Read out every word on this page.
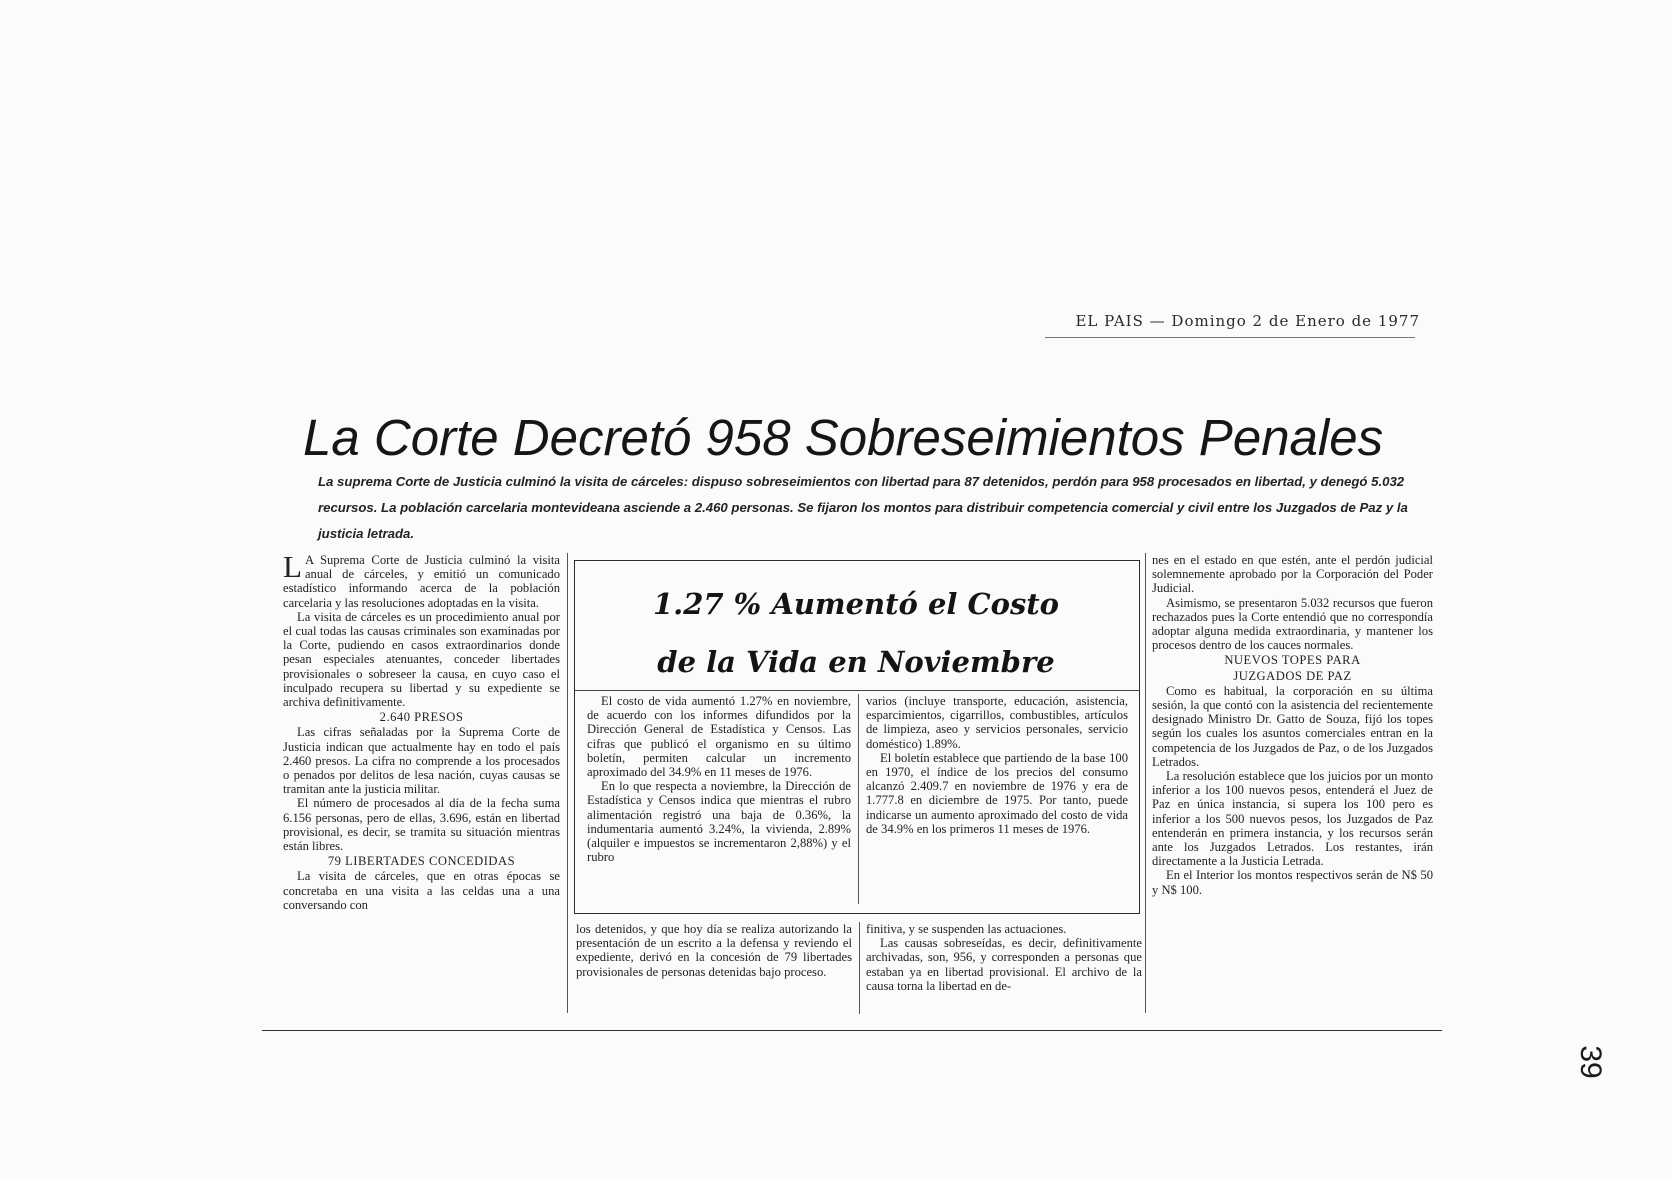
EL PAIS — Domingo 2 de Enero de 1977
La Corte Decretó 958 Sobreseimientos Penales
La suprema Corte de Justicia culminó la visita de cárceles: dispuso sobreseimientos con libertad para 87 detenidos, perdón para 958 procesados en libertad, y denegó 5.032 recursos. La población carcelaria montevideana asciende a 2.460 personas. Se fijaron los montos para distribuir competencia comercial y civil entre los Juzgados de Paz y la justicia letrada.

L A Suprema Corte de Justicia culminó la visita anual de cárceles, y emitió un comunicado estadístico informando acerca de la población carcelaria y las resoluciones adoptadas en la visita.

La visita de cárceles es un procedimiento anual por el cual todas las causas criminales son examinadas por la Corte, pudiendo en casos extraordinarios donde pesan especiales atenuantes, conceder libertades provisionales o sobreseer la causa, en cuyo caso el inculpado recupera su libertad y su expediente se archiva definitivamente.

2.640 PRESOS

Las cifras señaladas por la Suprema Corte de Justicia indican que actualmente hay en todo el país 2.460 presos. La cifra no comprende a los procesados o penados por delitos de lesa nación, cuyas causas se tramitan ante la justicia militar.

El número de procesados al día de la fecha suma 6.156 personas, pero de ellas, 3.696, están en libertad provisional, es decir, se tramita su situación mientras están libres.

79 LIBERTADES CONCEDIDAS

La visita de cárceles, que en otras épocas se concretaba en una visita a las celdas una a una conversando con

1.27 % Aumentó el Costo
de la Vida en Noviembre

El costo de vida aumentó 1.27% en noviembre, de acuerdo con los informes difundidos por la Dirección General de Estadística y Censos. Las cifras que publicó el organismo en su último boletín, permiten calcular un incremento aproximado del 34.9% en 11 meses de 1976.

En lo que respecta a noviembre, la Dirección de Estadística y Censos indica que mientras el rubro alimentación registró una baja de 0.36%, la indumentaria aumentó 3.24%, la vivienda, 2.89% (alquiler e impuestos se incrementaron 2,88%) y el rubro

varios (incluye transporte, educación, asistencia, esparcimientos, cigarrillos, combustibles, artículos de limpieza, aseo y servicios personales, servicio doméstico) 1.89%.

El boletín establece que partiendo de la base 100 en 1970, el índice de los precios del consumo alcanzó 2.409.7 en noviembre de 1976 y era de 1.777.8 en diciembre de 1975. Por tanto, puede indicarse un aumento aproximado del costo de vida de 34.9% en los primeros 11 meses de 1976.

los detenidos, y que hoy día se realiza autorizando la presentación de un escrito a la defensa y reviendo el expediente, derivó en la concesión de 79 libertades provisionales de personas detenidas bajo proceso.

finitiva, y se suspenden las actuaciones.

Las causas sobreseídas, es decir, definitivamente archivadas, son, 956, y corresponden a personas que estaban ya en libertad provisional. El archivo de la causa torna la libertad en de-

nes en el estado en que estén, ante el perdón judicial solemnemente aprobado por la Corporación del Poder Judicial.

Asimismo, se presentaron 5.032 recursos que fueron rechazados pues la Corte entendió que no correspondía adoptar alguna medida extraordinaria, y mantener los procesos dentro de los cauces normales.

NUEVOS TOPES PARA

JUZGADOS DE PAZ

Como es habitual, la corporación en su última sesión, la que contó con la asistencia del recientemente designado Ministro Dr. Gatto de Souza, fijó los topes según los cuales los asuntos comerciales entran en la competencia de los Juzgados de Paz, o de los Juzgados Letrados.

La resolución establece que los juicios por un monto inferior a los 100 nuevos pesos, entenderá el Juez de Paz en única instancia, si supera los 100 pero es inferior a los 500 nuevos pesos, los Juzgados de Paz entenderán en primera instancia, y los recursos serán ante los Juzgados Letrados. Los restantes, irán directamente a la Justicia Letrada.

En el Interior los montos respectivos serán de N$ 50 y N$ 100.

39
